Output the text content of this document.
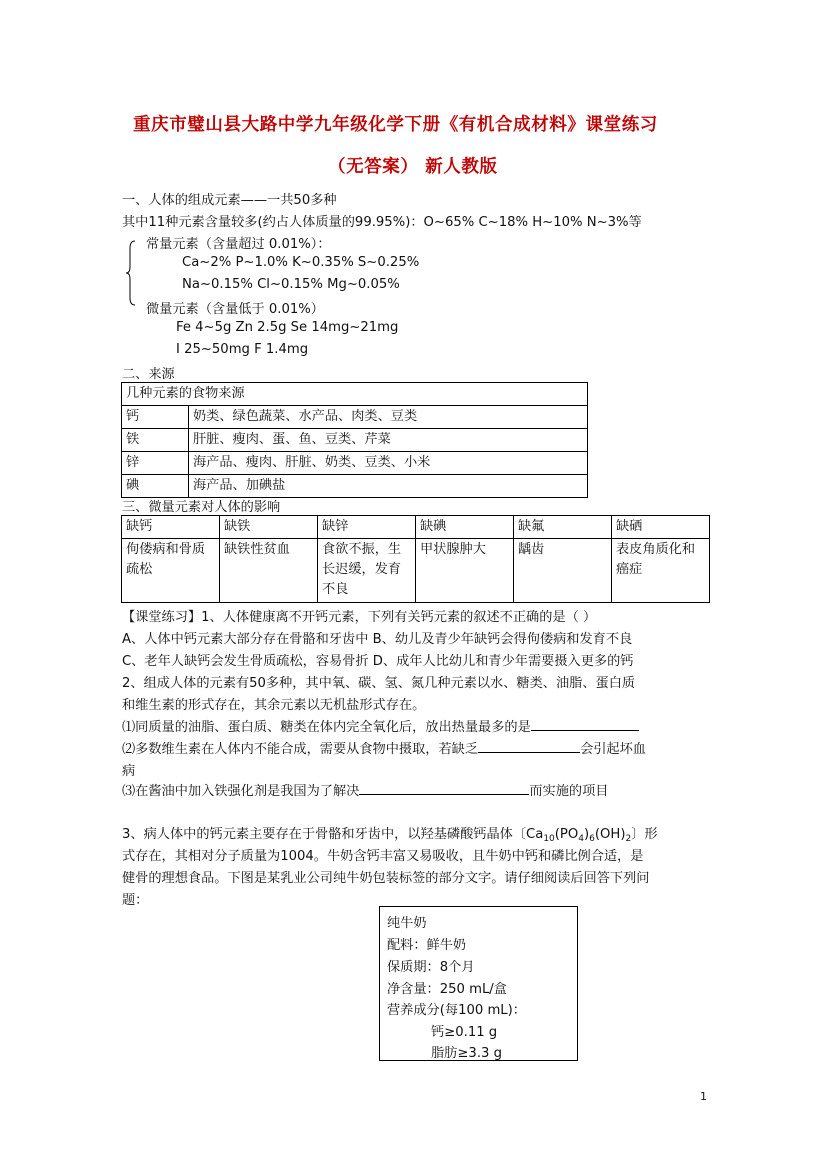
重庆市璧山县大路中学九年级化学下册《有机合成材料》课堂练习
（无答案） 新人教版
一、人体的组成元素——一共50多种
其中11种元素含量较多(约占人体质量的99.95%)：O~65% C~18% H~10% N~3%等
常量元素（含量超过 0.01%）：
Ca~2% P~1.0% K~0.35% S~0.25%
Na~0.15% Cl~0.15% Mg~0.05%
微量元素（含量低于 0.01%）
Fe 4~5g Zn 2.5g Se 14mg~21mg
I 25~50mg F 1.4mg
二、来源
几种元素的食物来源	
钙	奶类、绿色蔬菜、水产品、肉类、豆类
铁	肝脏、瘦肉、蛋、鱼、豆类、芹菜
锌	海产品、瘦肉、肝脏、奶类、豆类、小米
碘	海产品、加碘盐
三、微量元素对人体的影响
缺钙	缺铁	缺锌	缺碘	缺氟	缺硒
佝偻病和骨质疏松	缺铁性贫血	食欲不振，生长迟缓，发育不良	甲状腺肿大	龋齿	表皮角质化和癌症
【课堂练习】1、人体健康离不开钙元素，下列有关钙元素的叙述不正确的是（ ）
A、人体中钙元素大部分存在骨骼和牙齿中 B、幼儿及青少年缺钙会得佝偻病和发育不良
C、老年人缺钙会发生骨质疏松，容易骨折 D、成年人比幼儿和青少年需要摄入更多的钙
2、组成人体的元素有50多种，其中氧、碳、氢、氮几种元素以水、糖类、油脂、蛋白质
和维生素的形式存在，其余元素以无机盐形式存在。
⑴同质量的油脂、蛋白质、糖类在体内完全氧化后，放出热量最多的是
⑵多数维生素在人体内不能合成，需要从食物中摄取，若缺乏	会引起坏血
病
⑶在酱油中加入铁强化剂是我国为了解决	而实施的项目
3、病人体中的钙元素主要存在于骨骼和牙齿中，以羟基磷酸钙晶体〔$Ca_{10}(PO_4)_6(OH)_2$〕形
式存在，其相对分子质量为1004。牛奶含钙丰富又易吸收，且牛奶中钙和磷比例合适，是
健骨的理想食品。下图是某乳业公司纯牛奶包装标签的部分文字。请仔细阅读后回答下列问
题：
纯牛奶
配料：鲜牛奶
保质期：8个月
净含量：250 mL/盒
营养成分(每100 mL)：
钙≥0.11 g
脂肪≥3.3 g
1
